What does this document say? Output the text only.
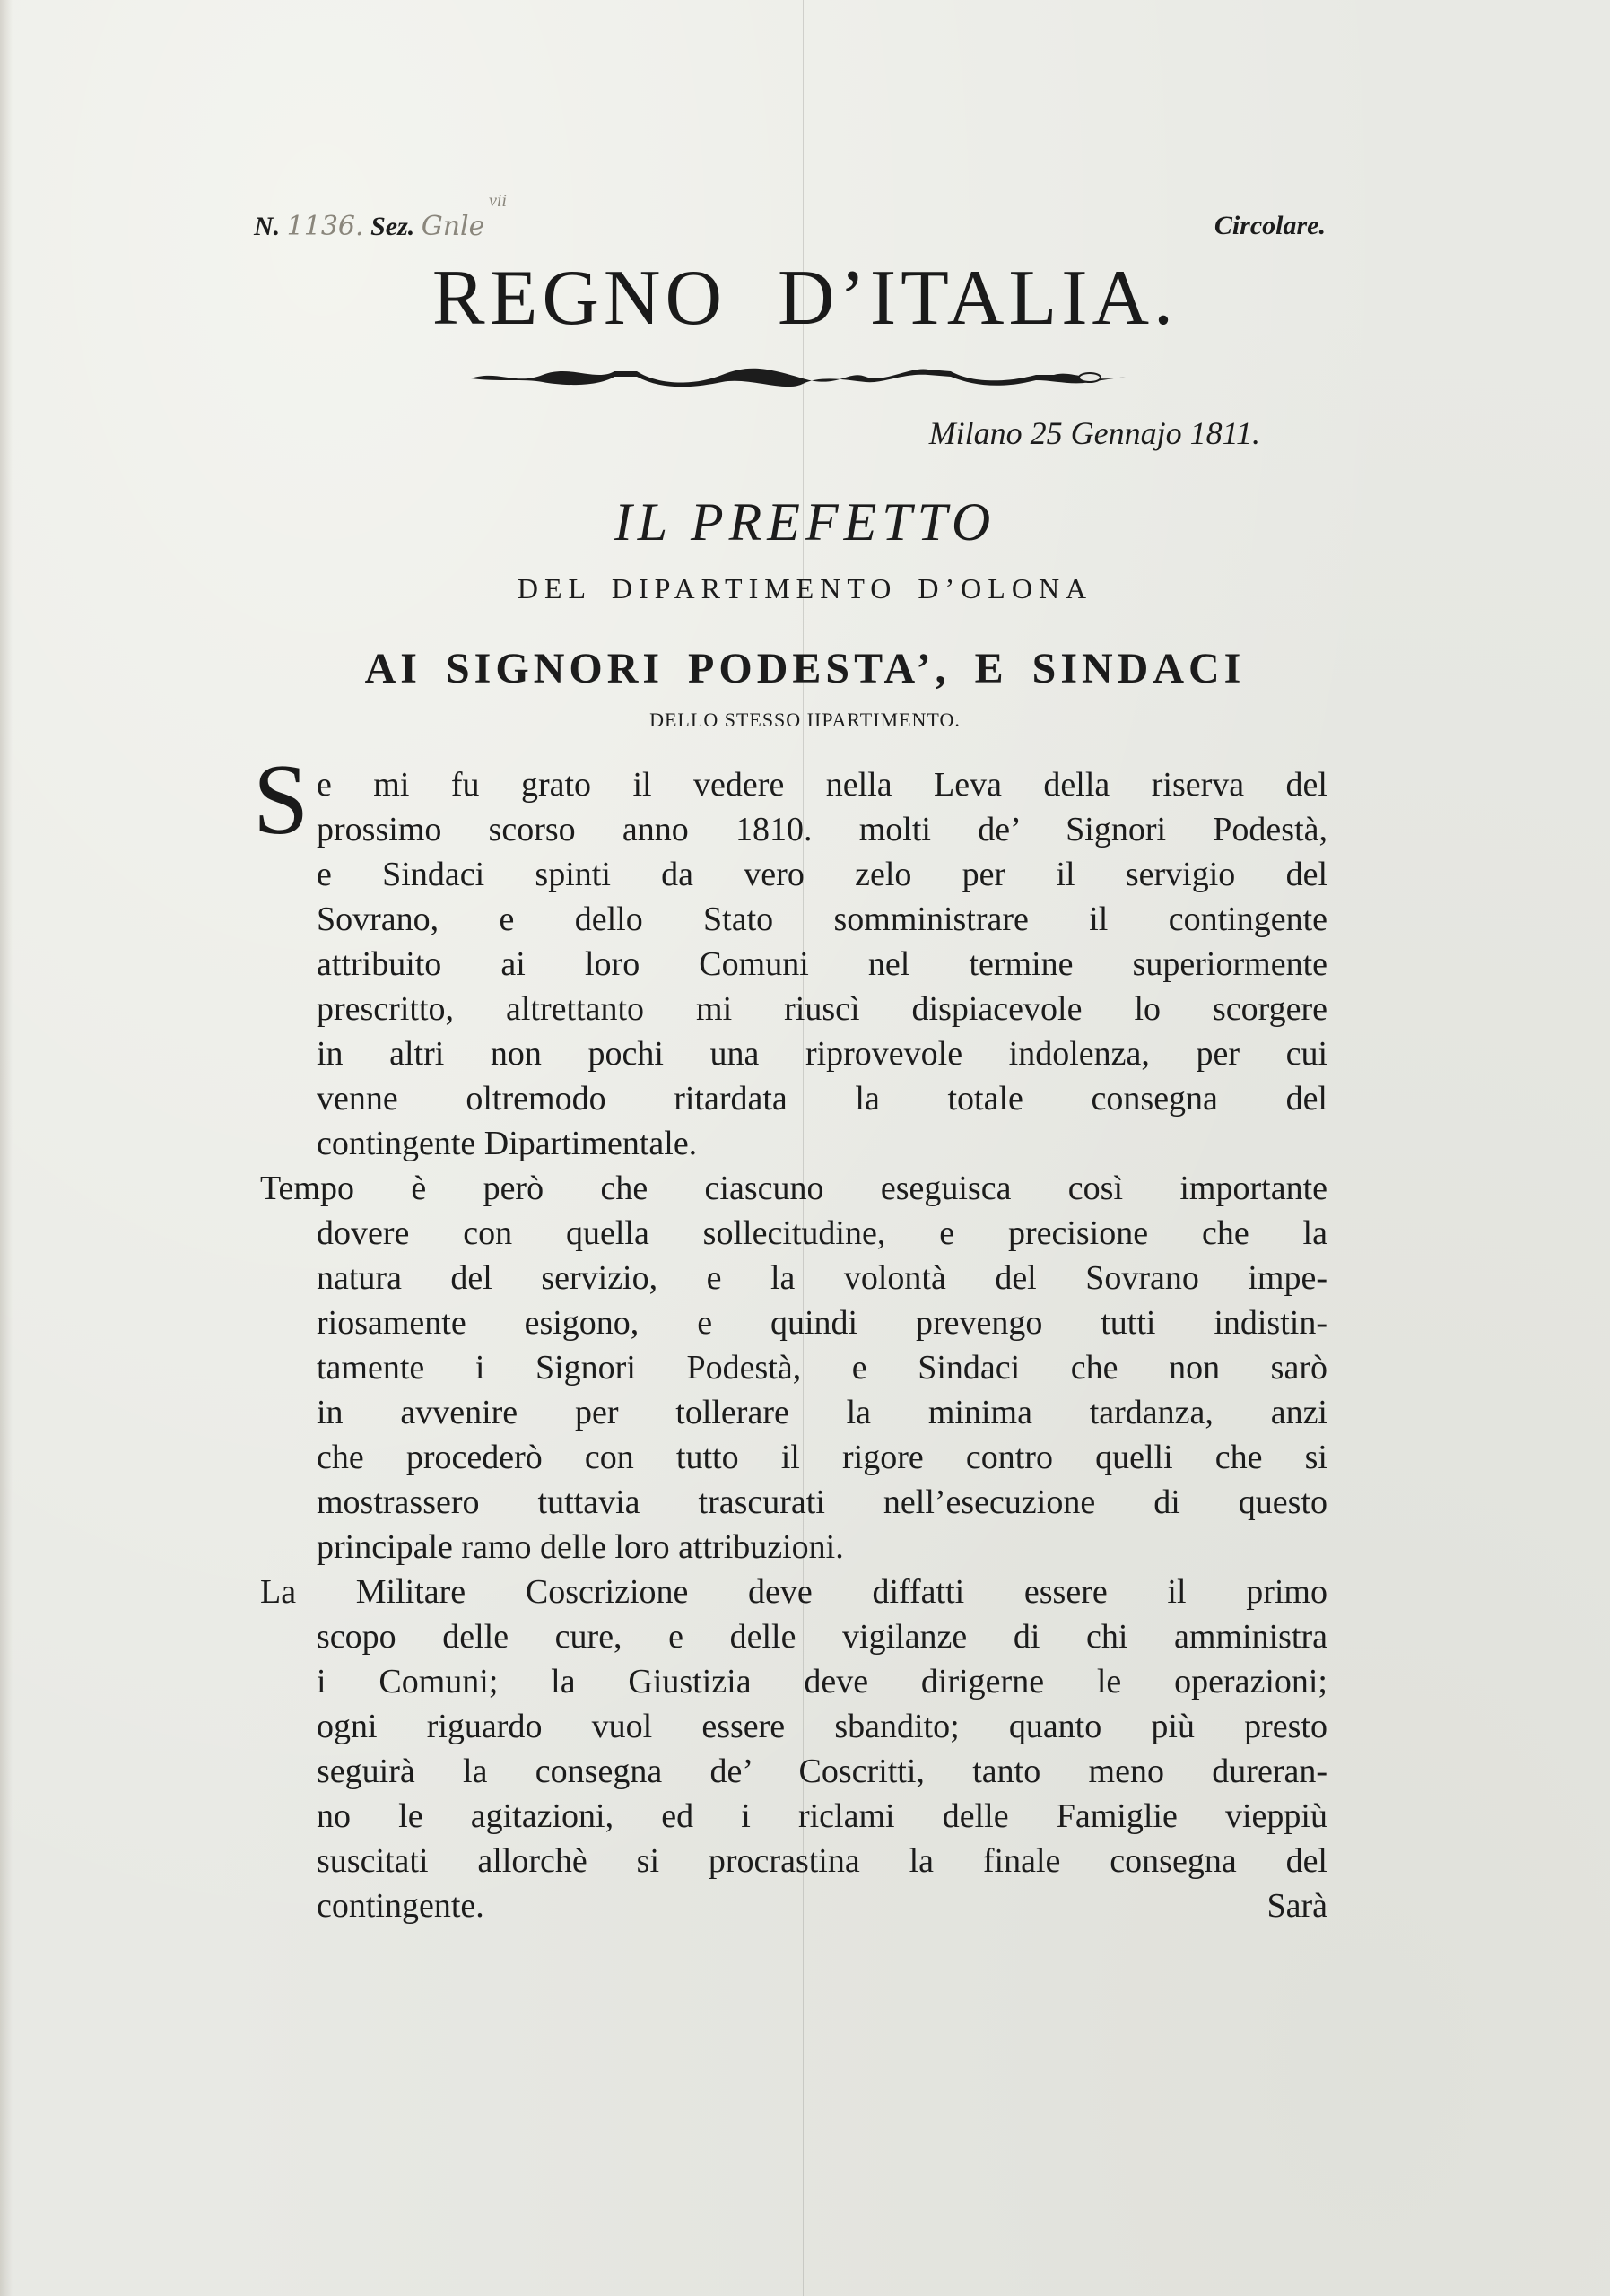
N. 1136. Sez. Gnle
vii
Circolare.
REGNO D’ITALIA.
Milano 25 Gennajo 1811.
IL PREFETTO
DEL DIPARTIMENTO D’OLONA
AI SIGNORI PODESTA’, E SINDACI
DELLO STESSO IIPARTIMENTO.
S e mi fu grato il vedere nella Leva della riserva del
prossimo scorso anno 1810. molti de’ Signori Podestà,
e Sindaci spinti da vero zelo per il servigio del
Sovrano, e dello Stato somministrare il contingente
attribuito ai loro Comuni nel termine superiormente
prescritto, altrettanto mi riuscì dispiacevole lo scorgere
in altri non pochi una riprovevole indolenza, per cui
venne oltremodo ritardata la totale consegna del
contingente Dipartimentale.
Tempo è però che ciascuno eseguisca così importante
dovere con quella sollecitudine, e precisione che la
natura del servizio, e la volontà del Sovrano impe-
riosamente esigono, e quindi prevengo tutti indistin-
tamente i Signori Podestà, e Sindaci che non sarò
in avvenire per tollerare la minima tardanza, anzi
che procederò con tutto il rigore contro quelli che si
mostrassero tuttavia trascurati nell’esecuzione di questo
principale ramo delle loro attribuzioni.
La Militare Coscrizione deve diffatti essere il primo
scopo delle cure, e delle vigilanze di chi amministra
i Comuni; la Giustizia deve dirigerne le operazioni;
ogni riguardo vuol essere sbandito; quanto più presto
seguirà la consegna de’ Coscritti, tanto meno dureran-
no le agitazioni, ed i riclami delle Famiglie vieppiù
suscitati allorchè si procrastina la finale consegna del
contingente.	Sarà
